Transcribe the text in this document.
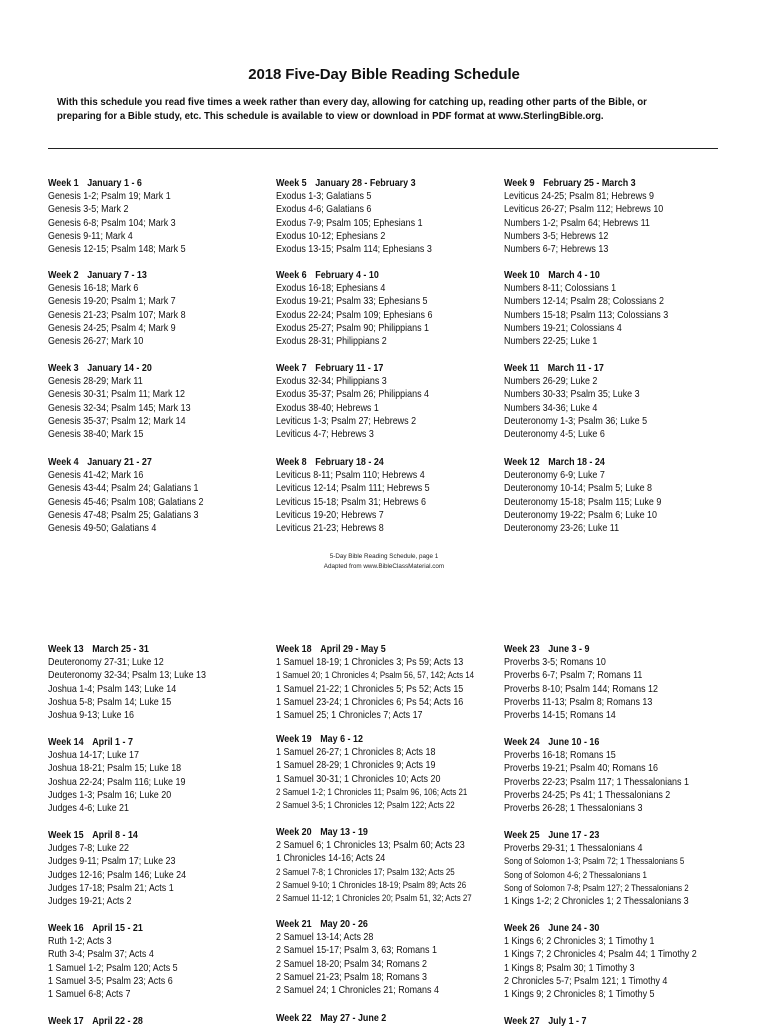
2018 Five-Day Bible Reading Schedule
With this schedule you read five times a week rather than every day, allowing for catching up, reading other parts of the Bible, or
preparing for a Bible study, etc. This schedule is available to view or download in PDF format at www.SterlingBible.org.
Week 1 January 1 - 6
Genesis 1-2; Psalm 19; Mark 1
Genesis 3-5; Mark 2
Genesis 6-8; Psalm 104; Mark 3
Genesis 9-11; Mark 4
Genesis 12-15; Psalm 148; Mark 5
Week 2 January 7 - 13
Genesis 16-18; Mark 6
Genesis 19-20; Psalm 1; Mark 7
Genesis 21-23; Psalm 107; Mark 8
Genesis 24-25; Psalm 4; Mark 9
Genesis 26-27; Mark 10
Week 3 January 14 - 20
Genesis 28-29; Mark 11
Genesis 30-31; Psalm 11; Mark 12
Genesis 32-34; Psalm 145; Mark 13
Genesis 35-37; Psalm 12; Mark 14
Genesis 38-40; Mark 15
Week 4 January 21 - 27
Genesis 41-42; Mark 16
Genesis 43-44; Psalm 24; Galatians 1
Genesis 45-46; Psalm 108; Galatians 2
Genesis 47-48; Psalm 25; Galatians 3
Genesis 49-50; Galatians 4
Week 5 January 28 - February 3
Exodus 1-3; Galatians 5
Exodus 4-6; Galatians 6
Exodus 7-9; Psalm 105; Ephesians 1
Exodus 10-12; Ephesians 2
Exodus 13-15; Psalm 114; Ephesians 3
Week 6 February 4 - 10
Exodus 16-18; Ephesians 4
Exodus 19-21; Psalm 33; Ephesians 5
Exodus 22-24; Psalm 109; Ephesians 6
Exodus 25-27; Psalm 90; Philippians 1
Exodus 28-31; Philippians 2
Week 7 February 11 - 17
Exodus 32-34; Philippians 3
Exodus 35-37; Psalm 26; Philippians 4
Exodus 38-40; Hebrews 1
Leviticus 1-3; Psalm 27; Hebrews 2
Leviticus 4-7; Hebrews 3
Week 8 February 18 - 24
Leviticus 8-11; Psalm 110; Hebrews 4
Leviticus 12-14; Psalm 111; Hebrews 5
Leviticus 15-18; Psalm 31; Hebrews 6
Leviticus 19-20; Hebrews 7
Leviticus 21-23; Hebrews 8
Week 9 February 25 - March 3
Leviticus 24-25; Psalm 81; Hebrews 9
Leviticus 26-27; Psalm 112; Hebrews 10
Numbers 1-2; Psalm 64; Hebrews 11
Numbers 3-5; Hebrews 12
Numbers 6-7; Hebrews 13
Week 10 March 4 - 10
Numbers 8-11; Colossians 1
Numbers 12-14; Psalm 28; Colossians 2
Numbers 15-18; Psalm 113; Colossians 3
Numbers 19-21; Colossians 4
Numbers 22-25; Luke 1
Week 11 March 11 - 17
Numbers 26-29; Luke 2
Numbers 30-33; Psalm 35; Luke 3
Numbers 34-36; Luke 4
Deuteronomy 1-3; Psalm 36; Luke 5
Deuteronomy 4-5; Luke 6
Week 12 March 18 - 24
Deuteronomy 6-9; Luke 7
Deuteronomy 10-14; Psalm 5; Luke 8
Deuteronomy 15-18; Psalm 115; Luke 9
Deuteronomy 19-22; Psalm 6; Luke 10
Deuteronomy 23-26; Luke 11
Week 13 March 25 - 31
Deuteronomy 27-31; Luke 12
Deuteronomy 32-34; Psalm 13; Luke 13
Joshua 1-4; Psalm 143; Luke 14
Joshua 5-8; Psalm 14; Luke 15
Joshua 9-13; Luke 16
Week 14 April 1 - 7
Joshua 14-17; Luke 17
Joshua 18-21; Psalm 15; Luke 18
Joshua 22-24; Psalm 116; Luke 19
Judges 1-3; Psalm 16; Luke 20
Judges 4-6; Luke 21
Week 15 April 8 - 14
Judges 7-8; Luke 22
Judges 9-11; Psalm 17; Luke 23
Judges 12-16; Psalm 146; Luke 24
Judges 17-18; Psalm 21; Acts 1
Judges 19-21; Acts 2
Week 16 April 15 - 21
Ruth 1-2; Acts 3
Ruth 3-4; Psalm 37; Acts 4
1 Samuel 1-2; Psalm 120; Acts 5
1 Samuel 3-5; Psalm 23; Acts 6
1 Samuel 6-8; Acts 7
Week 17 April 22 - 28
Week 18 April 29 - May 5
1 Samuel 18-19; 1 Chronicles 3; Ps 59; Acts 13
1 Samuel 20; 1 Chronicles 4; Psalm 56, 57, 142; Acts 14
1 Samuel 21-22; 1 Chronicles 5; Ps 52; Acts 15
1 Samuel 23-24; 1 Chronicles 6; Ps 54; Acts 16
1 Samuel 25; 1 Chronicles 7; Acts 17
Week 19 May 6 - 12
1 Samuel 26-27; 1 Chronicles 8; Acts 18
1 Samuel 28-29; 1 Chronicles 9; Acts 19
1 Samuel 30-31; 1 Chronicles 10; Acts 20
2 Samuel 1-2; 1 Chronicles 11; Psalm 96, 106; Acts 21
2 Samuel 3-5; 1 Chronicles 12; Psalm 122; Acts 22
Week 20 May 13 - 19
2 Samuel 6; 1 Chronicles 13; Psalm 60; Acts 23
1 Chronicles 14-16; Acts 24
2 Samuel 7-8; 1 Chronicles 17; Psalm 132; Acts 25
2 Samuel 9-10; 1 Chronicles 18-19; Psalm 89; Acts 26
2 Samuel 11-12; 1 Chronicles 20; Psalm 51, 32; Acts 27
Week 21 May 20 - 26
2 Samuel 13-14; Acts 28
2 Samuel 15-17; Psalm 3, 63; Romans 1
2 Samuel 18-20; Psalm 34; Romans 2
2 Samuel 21-23; Psalm 18; Romans 3
2 Samuel 24; 1 Chronicles 21; Romans 4
Week 22 May 27 - June 2
Week 23 June 3 - 9
Proverbs 3-5; Romans 10
Proverbs 6-7; Psalm 7; Romans 11
Proverbs 8-10; Psalm 144; Romans 12
Proverbs 11-13; Psalm 8; Romans 13
Proverbs 14-15; Romans 14
Week 24 June 10 - 16
Proverbs 16-18; Romans 15
Proverbs 19-21; Psalm 40; Romans 16
Proverbs 22-23; Psalm 117; 1 Thessalonians 1
Proverbs 24-25; Ps 41; 1 Thessalonians 2
Proverbs 26-28; 1 Thessalonians 3
Week 25 June 17 - 23
Proverbs 29-31; 1 Thessalonians 4
Song of Solomon 1-3; Psalm 72; 1 Thessalonians 5
Song of Solomon 4-6; 2 Thessalonians 1
Song of Solomon 7-8; Psalm 127; 2 Thessalonians 2
1 Kings 1-2; 2 Chronicles 1; 2 Thessalonians 3
Week 26 June 24 - 30
1 Kings 6; 2 Chronicles 3; 1 Timothy 1
1 Kings 7; 2 Chronicles 4; Psalm 44; 1 Timothy 2
1 Kings 8; Psalm 30; 1 Timothy 3
2 Chronicles 5-7; Psalm 121; 1 Timothy 4
1 Kings 9; 2 Chronicles 8; 1 Timothy 5
Week 27 July 1 - 7
5-Day Bible Reading Schedule, page 1
Adapted from www.BibleClassMaterial.com
